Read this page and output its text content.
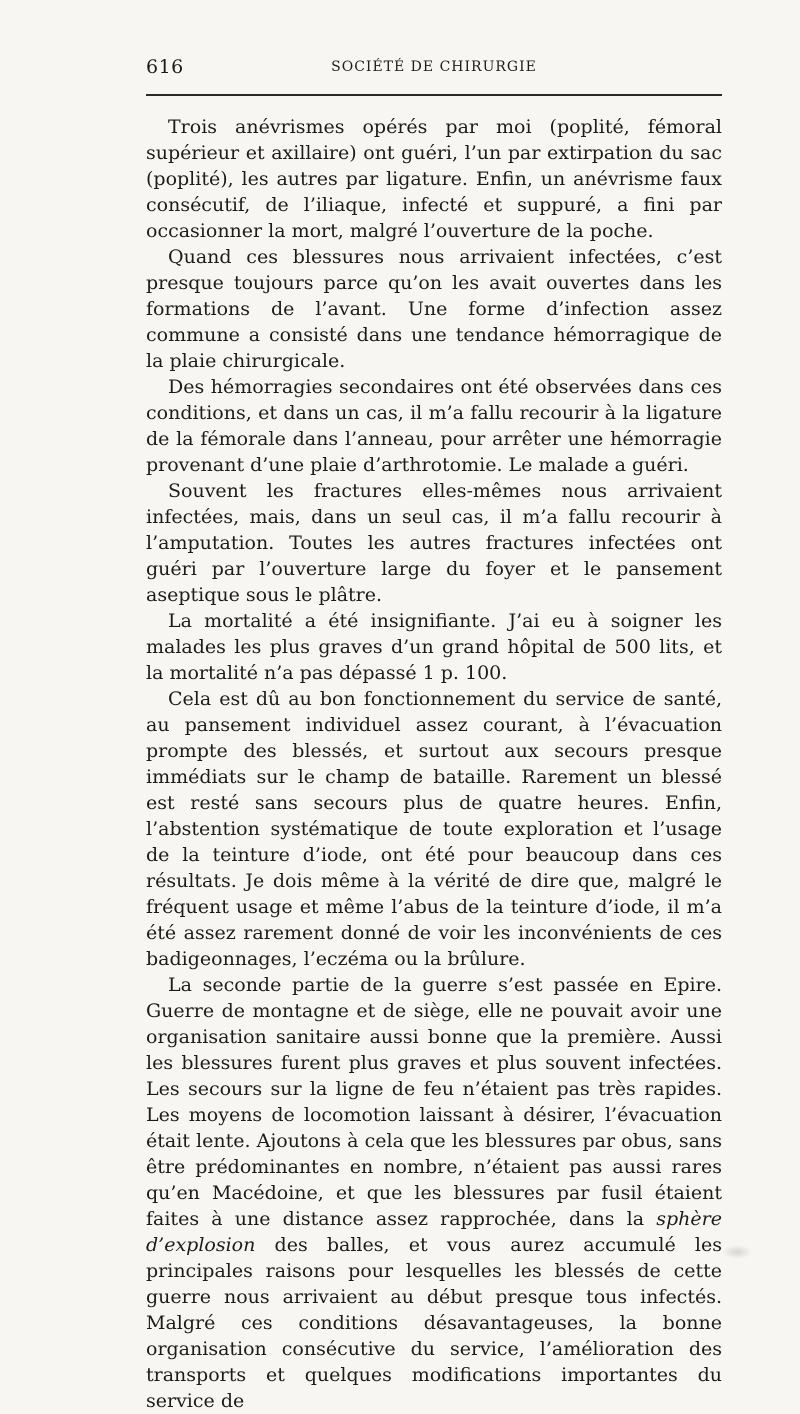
616	SOCIÉTÉ DE CHIRURGIE

Trois anévrismes opérés par moi (poplité, fémoral supérieur et axillaire) ont guéri, l’un par extirpation du sac (poplité), les autres par ligature. Enfin, un anévrisme faux consécutif, de l’iliaque, infecté et suppuré, a fini par occasionner la mort, malgré l’ouverture de la poche.

Quand ces blessures nous arrivaient infectées, c’est presque toujours parce qu’on les avait ouvertes dans les formations de l’avant. Une forme d’infection assez commune a consisté dans une tendance hémorragique de la plaie chirurgicale.

Des hémorragies secondaires ont été observées dans ces conditions, et dans un cas, il m’a fallu recourir à la ligature de la fémorale dans l’anneau, pour arrêter une hémorragie provenant d’une plaie d’arthrotomie. Le malade a guéri.

Souvent les fractures elles-mêmes nous arrivaient infectées, mais, dans un seul cas, il m’a fallu recourir à l’amputation. Toutes les autres fractures infectées ont guéri par l’ouverture large du foyer et le pansement aseptique sous le plâtre.

La mortalité a été insignifiante. J’ai eu à soigner les malades les plus graves d’un grand hôpital de 500 lits, et la mortalité n’a pas dépassé 1 p. 100.

Cela est dû au bon fonctionnement du service de santé, au pansement individuel assez courant, à l’évacuation prompte des blessés, et surtout aux secours presque immédiats sur le champ de bataille. Rarement un blessé est resté sans secours plus de quatre heures. Enfin, l’abstention systématique de toute exploration et l’usage de la teinture d’iode, ont été pour beaucoup dans ces résultats. Je dois même à la vérité de dire que, malgré le fréquent usage et même l’abus de la teinture d’iode, il m’a été assez rarement donné de voir les inconvénients de ces badigeonnages, l’eczéma ou la brûlure.

La seconde partie de la guerre s’est passée en Epire. Guerre de montagne et de siège, elle ne pouvait avoir une organisation sanitaire aussi bonne que la première. Aussi les blessures furent plus graves et plus souvent infectées. Les secours sur la ligne de feu n’étaient pas très rapides. Les moyens de locomotion laissant à désirer, l’évacuation était lente. Ajoutons à cela que les blessures par obus, sans être prédominantes en nombre, n’étaient pas aussi rares qu’en Macédoine, et que les blessures par fusil étaient faites à une distance assez rapprochée, dans la sphère d’explosion des balles, et vous aurez accumulé les principales raisons pour lesquelles les blessés de cette guerre nous arrivaient au début presque tous infectés. Malgré ces conditions désavantageuses, la bonne organisation consécutive du service, l’amélioration des transports et quelques modifications importantes du service de
